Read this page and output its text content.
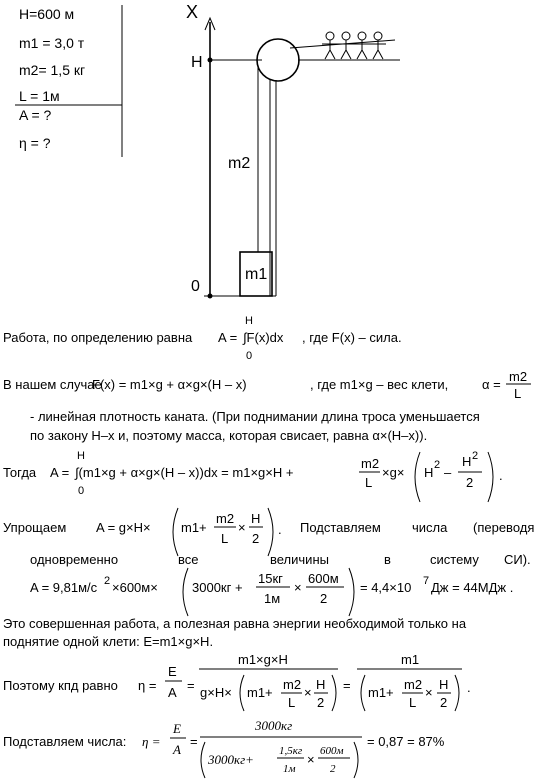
H=600 м
m1 = 3,0 т
m2= 1,5 кг
L = 1м
A = ?
η = ?
X
H
0
m2
m1
Работа, по определению равна A =
H
∫F(x)dx
0
, где F(x) – сила.
В нашем случае
F(x) = m1×g + α×g×(H – x)	, где m1×g – вес клети,	α =
m2
L
- линейная плотность каната. (При поднимании длина троса уменьшается
по закону H–x и, поэтому масса, которая свисает, равна α×(H–x)).
Тогда A =
H
∫(m1×g + α×g×(H – x))dx = m1×g×H +
0
m2
L
×g× H 2 –
H 2
2 .
Упрощаем A = g×H× m1+
m2
L
×
H
2
. Подставляем числа (переводя
одновременно	все	величины	в	систему СИ).
A = 9,81м/с 2 ×600м×	3000кг +
15кг
1м
×
600м
2
= 4,4×10 7 Дж = 44МДж .
Это совершенная работа, а полезная равна энергии необходимой только на
поднятие одной клети: E=m1×g×H.
Поэтому кпд равно η =
E
A =
m1×g×H
g×H× m1+
m2
L
×
H
2
=
m1
m1+
m2
L
×
H
2
.
Подставляем числа: η =
E
A
=
3000кг
3000кг+
1,5кг
1м
×
600м
2
= 0,87 = 87%
